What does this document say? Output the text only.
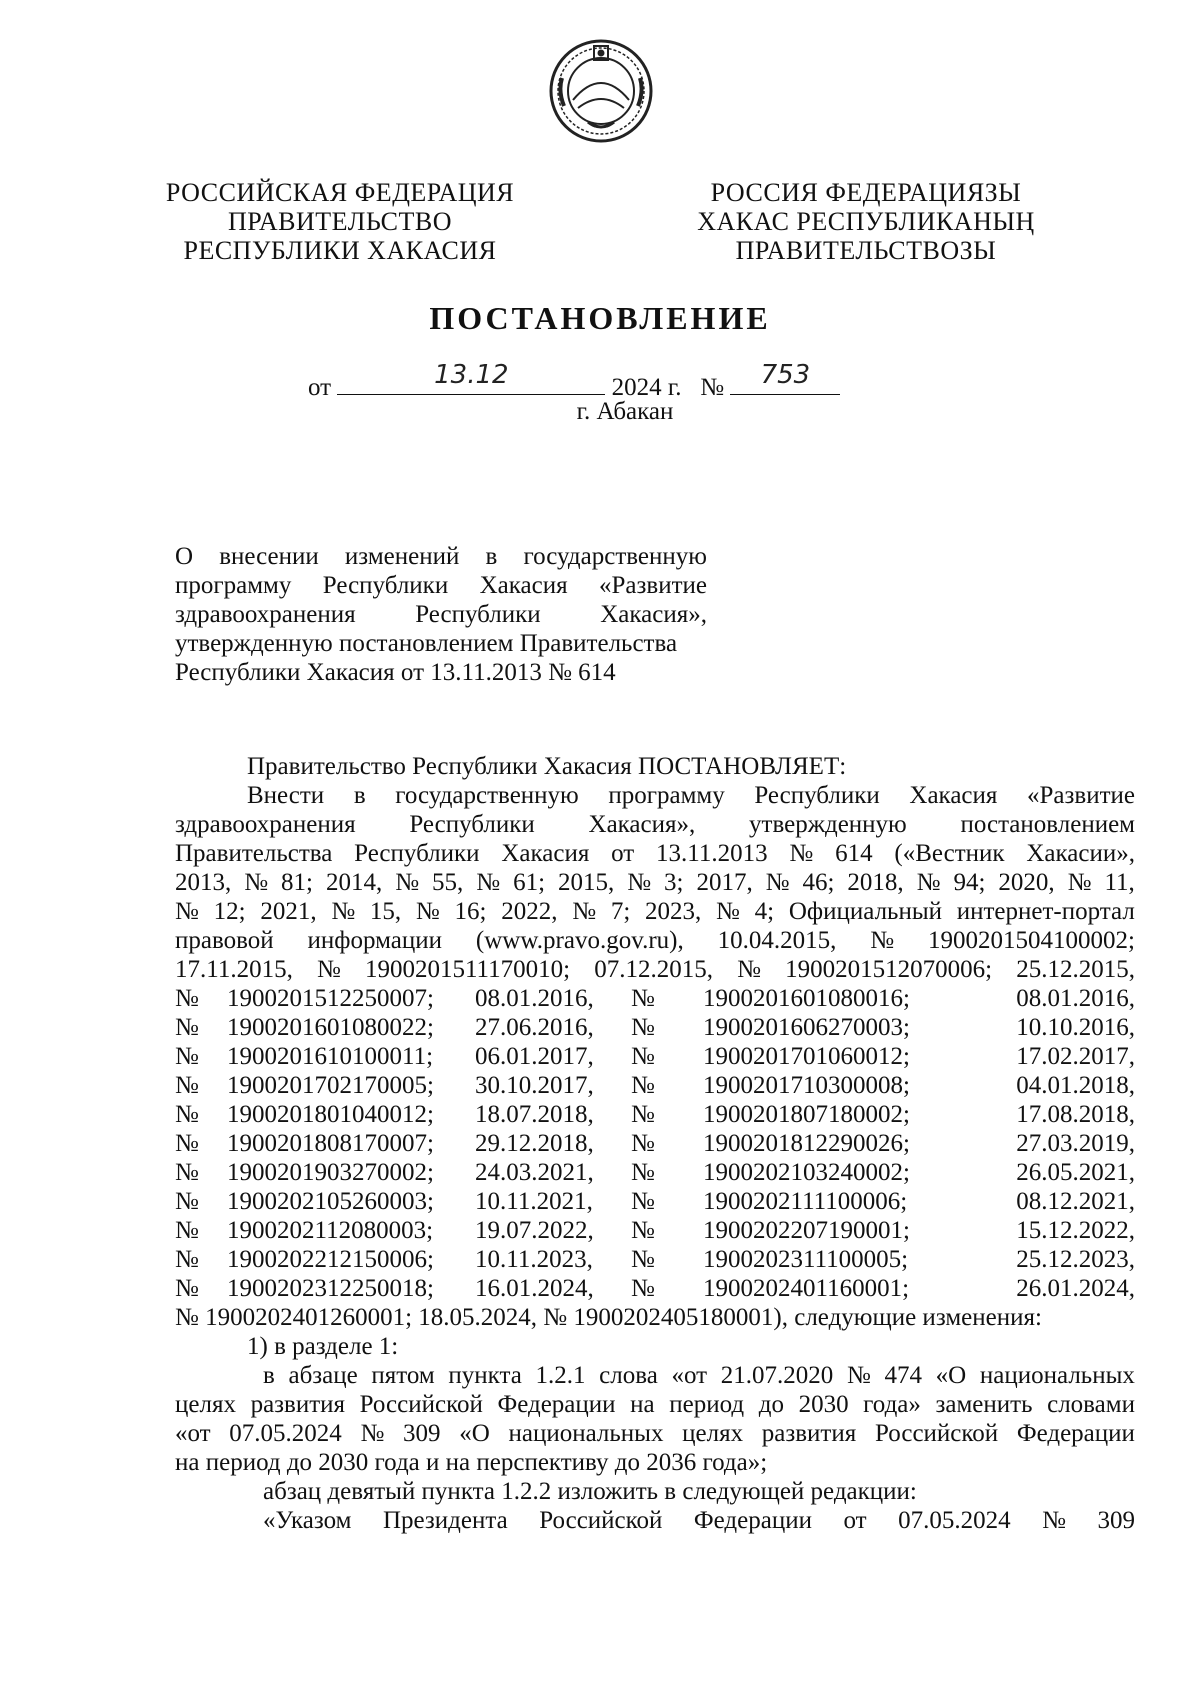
РОССИЙСКАЯ ФЕДЕРАЦИЯ
ПРАВИТЕЛЬСТВО
РЕСПУБЛИКИ ХАКАСИЯ
РОССИЯ ФЕДЕРАЦИЯЗЫ
ХАКАС РЕСПУБЛИКАНЫҢ
ПРАВИТЕЛЬСТВОЗЫ
ПОСТАНОВЛЕНИЕ
от	13.12	2024 г. №	753
г. Абакан
О внесении изменений в государственную
программу Республики Хакасия «Развитие
здравоохранения Республики Хакасия»,
утвержденную постановлением Правительства
Республики Хакасия от 13.11.2013 № 614
Правительство Республики Хакасия ПОСТАНОВЛЯЕТ:
Внести в государственную программу Республики Хакасия «Развитие
здравоохранения Республики Хакасия», утвержденную постановлением
Правительства Республики Хакасия от 13.11.2013 № 614 («Вестник Хакасии»,
2013, № 81; 2014, № 55, № 61; 2015, № 3; 2017, № 46; 2018, № 94; 2020, № 11,
№ 12; 2021, № 15, № 16; 2022, № 7; 2023, № 4; Официальный интернет-портал
правовой информации (www.pravo.gov.ru), 10.04.2015, № 1900201504100002;
17.11.2015, № 1900201511170010; 07.12.2015, № 1900201512070006; 25.12.2015,
№	1900201512250007;	08.01.2016,	№	1900201601080016;	08.01.2016,
№	1900201601080022;	27.06.2016,	№	1900201606270003;	10.10.2016,
№	1900201610100011;	06.01.2017,	№	1900201701060012;	17.02.2017,
№	1900201702170005;	30.10.2017,	№	1900201710300008;	04.01.2018,
№	1900201801040012;	18.07.2018,	№	1900201807180002;	17.08.2018,
№	1900201808170007;	29.12.2018,	№	1900201812290026;	27.03.2019,
№	1900201903270002;	24.03.2021,	№	1900202103240002;	26.05.2021,
№	1900202105260003;	10.11.2021,	№	1900202111100006;	08.12.2021,
№	1900202112080003;	19.07.2022,	№	1900202207190001;	15.12.2022,
№	1900202212150006;	10.11.2023,	№	1900202311100005;	25.12.2023,
№	1900202312250018;	16.01.2024,	№	1900202401160001;	26.01.2024,
№ 1900202401260001; 18.05.2024, № 1900202405180001), следующие изменения:
1) в разделе 1:
в абзаце пятом пункта 1.2.1 слова «от 21.07.2020 № 474 «О национальных
целях развития Российской Федерации на период до 2030 года» заменить словами
«от 07.05.2024 № 309 «О национальных целях развития Российской Федерации
на период до 2030 года и на перспективу до 2036 года»;
абзац девятый пункта 1.2.2 изложить в следующей редакции:
«Указом Президента Российской Федерации от 07.05.2024 № 309
